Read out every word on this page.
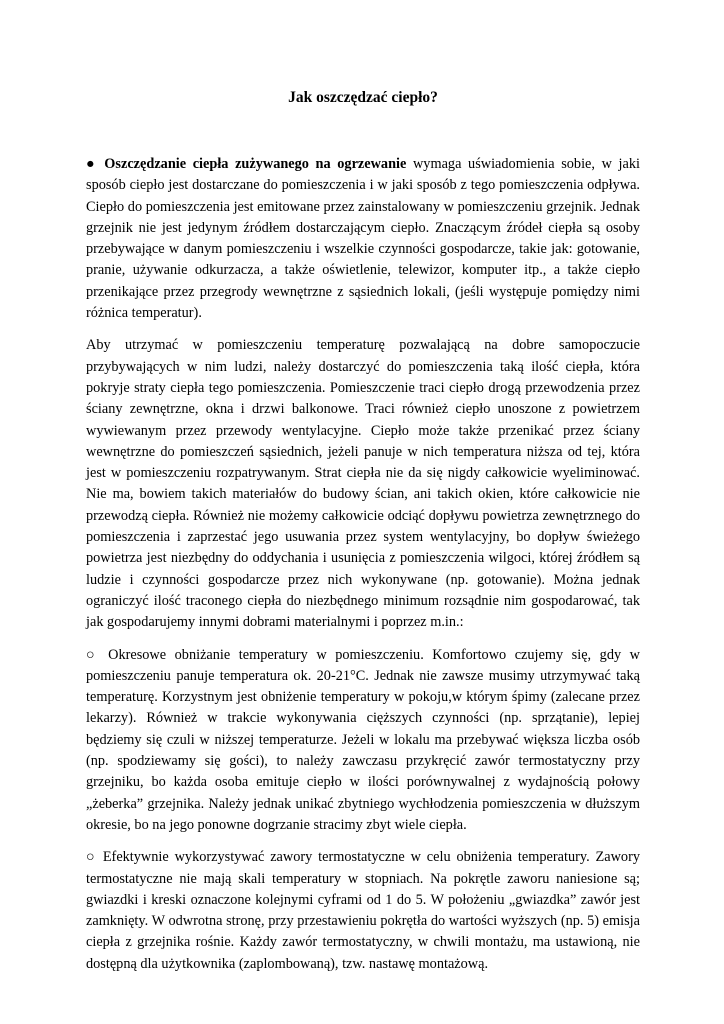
Jak oszczędzać ciepło?

● Oszczędzanie ciepła zużywanego na ogrzewanie wymaga uświadomienia sobie, w jaki sposób ciepło jest dostarczane do pomieszczenia i w jaki sposób z tego pomieszczenia odpływa. Ciepło do pomieszczenia jest emitowane przez zainstalowany w pomieszczeniu grzejnik. Jednak grzejnik nie jest jedynym źródłem dostarczającym ciepło. Znaczącym źródeł ciepła są osoby przebywające w danym pomieszczeniu i wszelkie czynności gospodarcze, takie jak: gotowanie, pranie, używanie odkurzacza, a także oświetlenie, telewizor, komputer itp., a także ciepło przenikające przez przegrody wewnętrzne z sąsiednich lokali, (jeśli występuje pomiędzy nimi różnica temperatur).

Aby utrzymać w pomieszczeniu temperaturę pozwalającą na dobre samopoczucie przybywających w nim ludzi, należy dostarczyć do pomieszczenia taką ilość ciepła, która pokryje straty ciepła tego pomieszczenia. Pomieszczenie traci ciepło drogą przewodzenia przez ściany zewnętrzne, okna i drzwi balkonowe. Traci również ciepło unoszone z powietrzem wywiewanym przez przewody wentylacyjne. Ciepło może także przenikać przez ściany wewnętrzne do pomieszczeń sąsiednich, jeżeli panuje w nich temperatura niższa od tej, która jest w pomieszczeniu rozpatrywanym. Strat ciepła nie da się nigdy całkowicie wyeliminować. Nie ma, bowiem takich materiałów do budowy ścian, ani takich okien, które całkowicie nie przewodzą ciepła. Również nie możemy całkowicie odciąć dopływu powietrza zewnętrznego do pomieszczenia i zaprzestać jego usuwania przez system wentylacyjny, bo dopływ świeżego powietrza jest niezbędny do oddychania i usunięcia z pomieszczenia wilgoci, której źródłem są ludzie i czynności gospodarcze przez nich wykonywane (np. gotowanie). Można jednak ograniczyć ilość traconego ciepła do niezbędnego minimum rozsądnie nim gospodarować, tak jak gospodarujemy innymi dobrami materialnymi i poprzez m.in.:

○ Okresowe obniżanie temperatury w pomieszczeniu. Komfortowo czujemy się, gdy w pomieszczeniu panuje temperatura ok. 20-21°C. Jednak nie zawsze musimy utrzymywać taką temperaturę. Korzystnym jest obniżenie temperatury w pokoju,w którym śpimy (zalecane przez lekarzy). Również w trakcie wykonywania cięższych czynności (np. sprzątanie), lepiej będziemy się czuli w niższej temperaturze. Jeżeli w lokalu ma przebywać większa liczba osób (np. spodziewamy się gości), to należy zawczasu przykręcić zawór termostatyczny przy grzejniku, bo każda osoba emituje ciepło w ilości porównywalnej z wydajnością połowy „żeberka” grzejnika. Należy jednak unikać zbytniego wychłodzenia pomieszczenia w dłuższym okresie, bo na jego ponowne dogrzanie stracimy zbyt wiele ciepła.

○ Efektywnie wykorzystywać zawory termostatyczne w celu obniżenia temperatury. Zawory termostatyczne nie mają skali temperatury w stopniach. Na pokrętle zaworu naniesione są; gwiazdki i kreski oznaczone kolejnymi cyframi od 1 do 5. W położeniu „gwiazdka” zawór jest zamknięty. W odwrotna stronę, przy przestawieniu pokrętła do wartości wyższych (np. 5) emisja ciepła z grzejnika rośnie. Każdy zawór termostatyczny, w chwili montażu, ma ustawioną, nie dostępną dla użytkownika (zaplombowaną), tzw. nastawę montażową.
